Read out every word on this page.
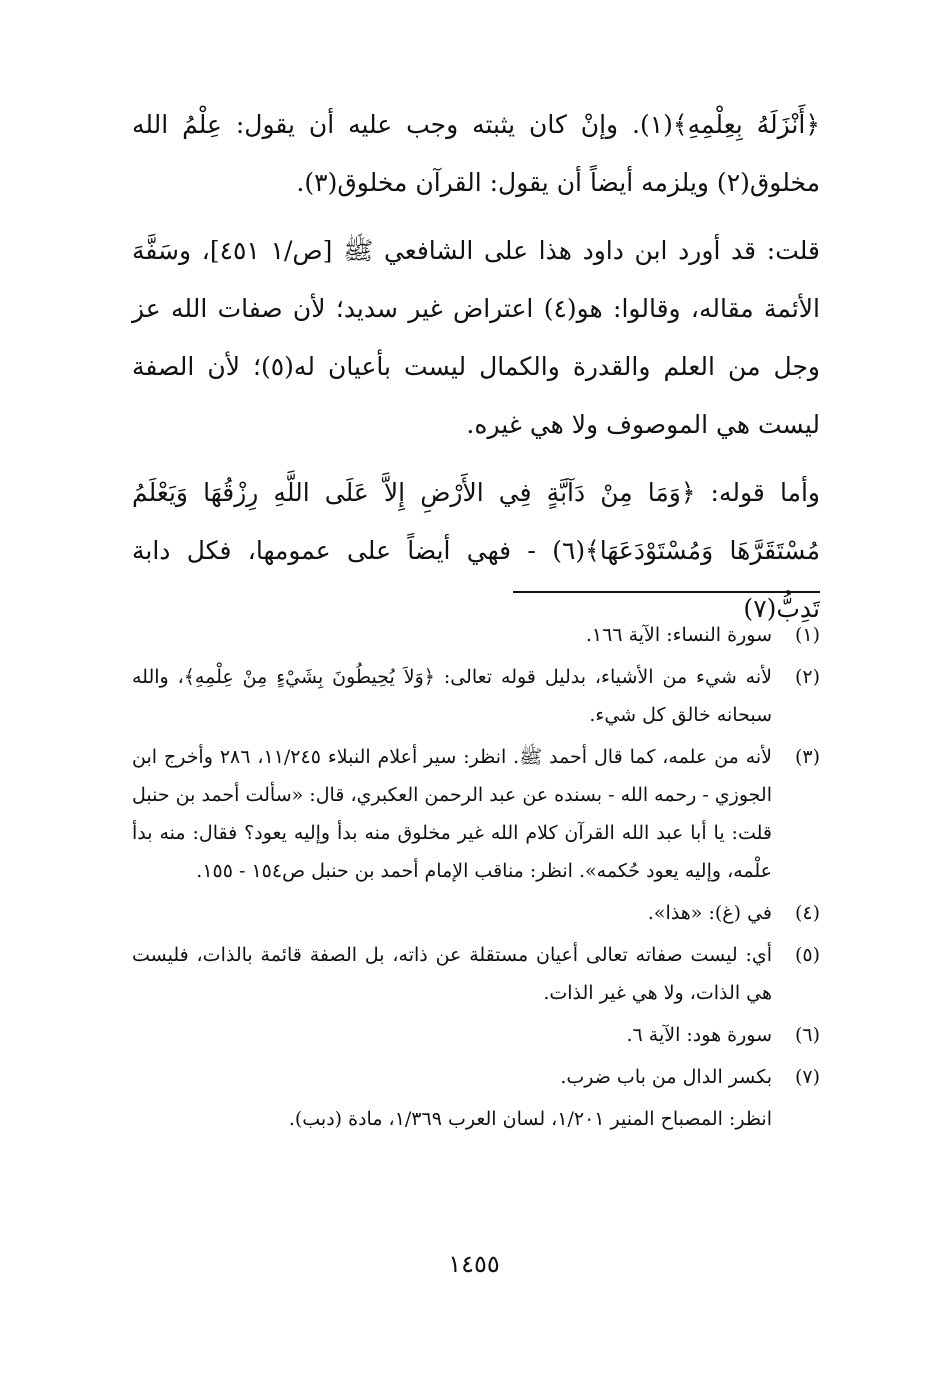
﴿أَنْزَلَهُ بِعِلْمِهِ﴾(١). وإنْ كان يثبته وجب عليه أن يقول: عِلْمُ الله مخلوق(٢) ويلزمه أيضاً أن يقول: القرآن مخلوق(٣).

قلت: قد أورد ابن داود هذا على الشافعي ﷺ [ص/١ ٤٥١]، وسَفَّهَ الأئمة مقاله، وقالوا: هو(٤) اعتراض غير سديد؛ لأن صفات الله عز وجل من العلم والقدرة والكمال ليست بأعيان له(٥)؛ لأن الصفة ليست هي الموصوف ولا هي غيره.

وأما قوله: ﴿وَمَا مِنْ دَآبَّةٍ فِي الأَرْضِ إِلاَّ عَلَى اللَّهِ رِزْقُهَا وَيَعْلَمُ مُسْتَقَرَّهَا وَمُسْتَوْدَعَهَا﴾(٦) - فهي أيضاً على عمومها، فكل دابة تَدِبُّ(٧)

(١)
سورة النساء: الآية ١٦٦.
(٢)
لأنه شيء من الأشياء، بدليل قوله تعالى: ﴿وَلاَ يُحِيطُونَ بِشَيْءٍ مِنْ عِلْمِهِ﴾، والله سبحانه خالق كل شيء.
(٣)
لأنه من علمه، كما قال أحمد ﷺ. انظر: سير أعلام النبلاء ١١/٢٤٥، ٢٨٦ وأخرج ابن الجوزي - رحمه الله - بسنده عن عبد الرحمن العكبري، قال: «سألت أحمد بن حنبل قلت: يا أبا عبد الله القرآن كلام الله غير مخلوق منه بدأ وإليه يعود؟ فقال: منه بدأ علْمه، وإليه يعود حُكمه». انظر: مناقب الإمام أحمد بن حنبل ص١٥٤ - ١٥٥.
(٤)
في (غ): «هذا».
(٥)
أي: ليست صفاته تعالى أعيان مستقلة عن ذاته، بل الصفة قائمة بالذات، فليست هي الذات، ولا هي غير الذات.
(٦)
سورة هود: الآية ٦.
(٧)
بكسر الدال من باب ضرب.
انظر: المصباح المنير ١/٢٠١، لسان العرب ١/٣٦٩، مادة (دبب).
١٤٥٥
